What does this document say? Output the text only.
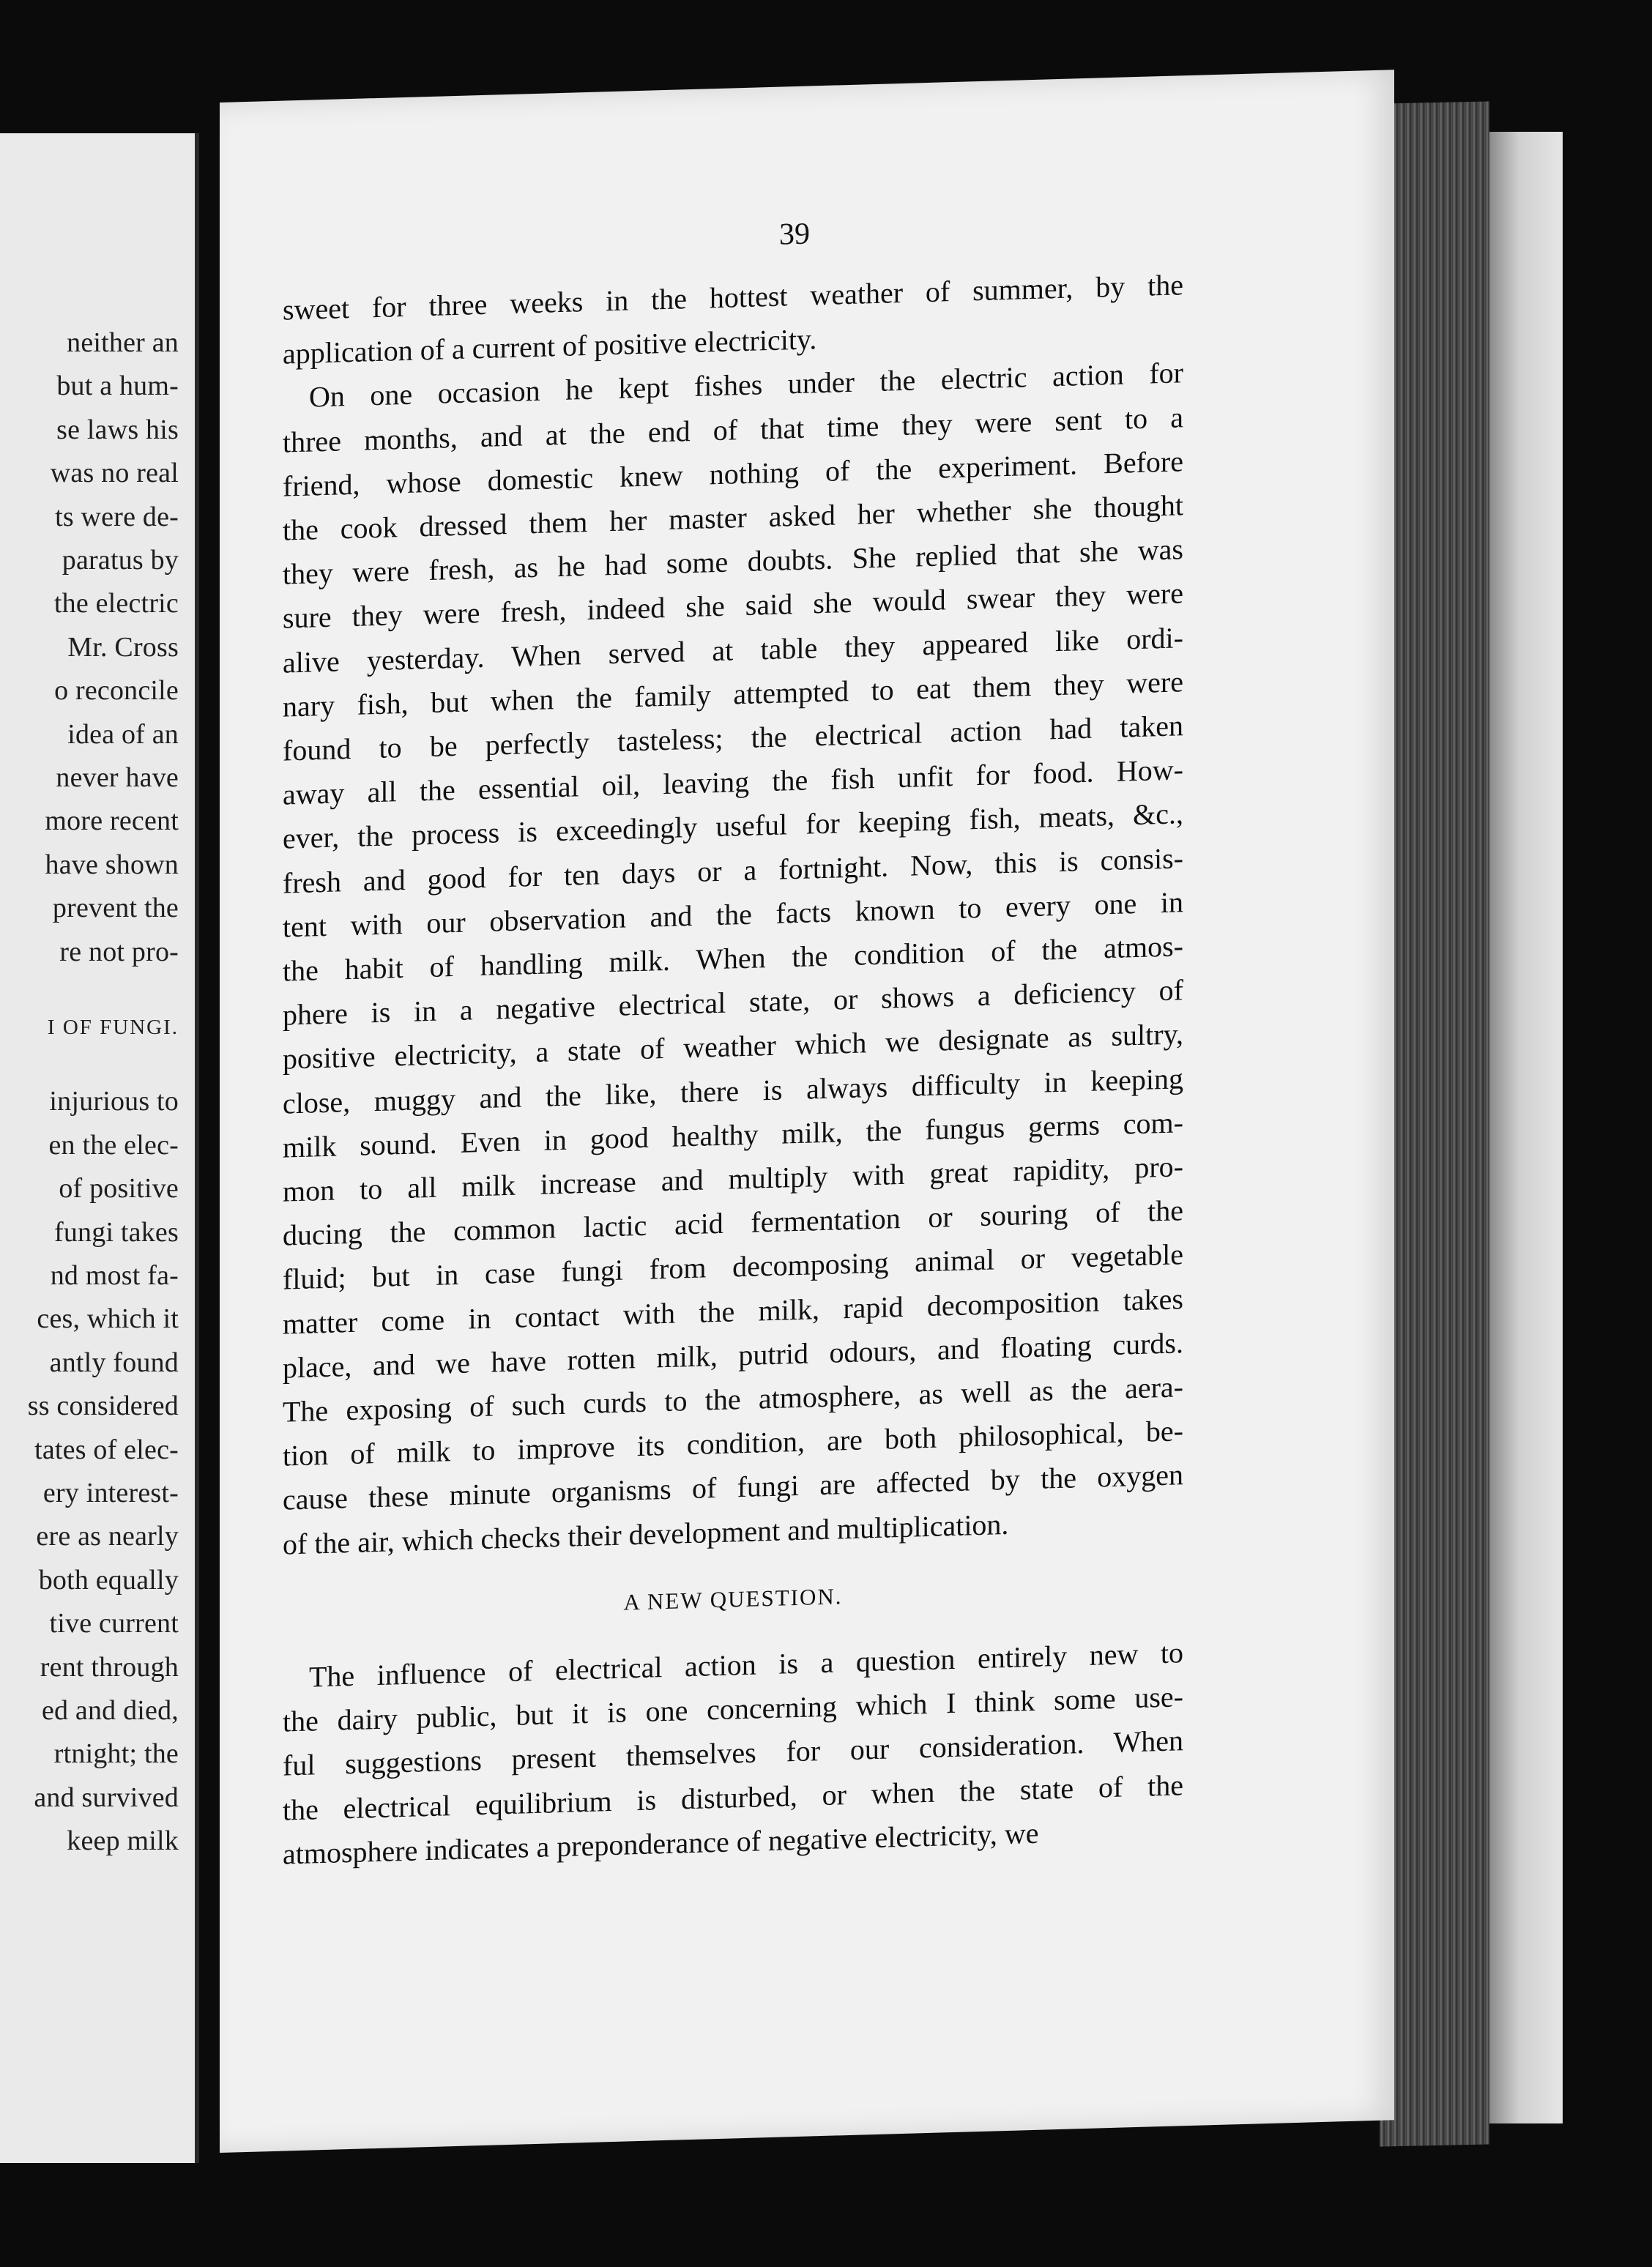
neither an
but a hum-
se laws his
was no real
ts were de-
paratus by
the electric
Mr. Cross
o reconcile
idea of an
never have
more recent
have shown
prevent the
re not pro-
I OF FUNGI.
injurious to
en the elec-
of positive
fungi takes
nd most fa-
ces, which it
antly found
ss considered
tates of elec-
ery interest-
ere as nearly
both equally
tive current
rent through
ed and died,
rtnight; the
and survived
keep milk
39
sweet for three weeks in the hottest weather of summer, by the
application of a current of positive electricity.
On one occasion he kept fishes under the electric action for
three months, and at the end of that time they were sent to a
friend, whose domestic knew nothing of the experiment. Before
the cook dressed them her master asked her whether she thought
they were fresh, as he had some doubts. She replied that she was
sure they were fresh, indeed she said she would swear they were
alive yesterday. When served at table they appeared like ordi-
nary fish, but when the family attempted to eat them they were
found to be perfectly tasteless; the electrical action had taken
away all the essential oil, leaving the fish unfit for food. How-
ever, the process is exceedingly useful for keeping fish, meats, &c.,
fresh and good for ten days or a fortnight. Now, this is consis-
tent with our observation and the facts known to every one in
the habit of handling milk. When the condition of the atmos-
phere is in a negative electrical state, or shows a deficiency of
positive electricity, a state of weather which we designate as sultry,
close, muggy and the like, there is always difficulty in keeping
milk sound. Even in good healthy milk, the fungus germs com-
mon to all milk increase and multiply with great rapidity, pro-
ducing the common lactic acid fermentation or souring of the
fluid; but in case fungi from decomposing animal or vegetable
matter come in contact with the milk, rapid decomposition takes
place, and we have rotten milk, putrid odours, and floating curds.
The exposing of such curds to the atmosphere, as well as the aera-
tion of milk to improve its condition, are both philosophical, be-
cause these minute organisms of fungi are affected by the oxygen
of the air, which checks their development and multiplication.
A NEW QUESTION.
The influence of electrical action is a question entirely new to
the dairy public, but it is one concerning which I think some use-
ful suggestions present themselves for our consideration. When
the electrical equilibrium is disturbed, or when the state of the
atmosphere indicates a preponderance of negative electricity, we
